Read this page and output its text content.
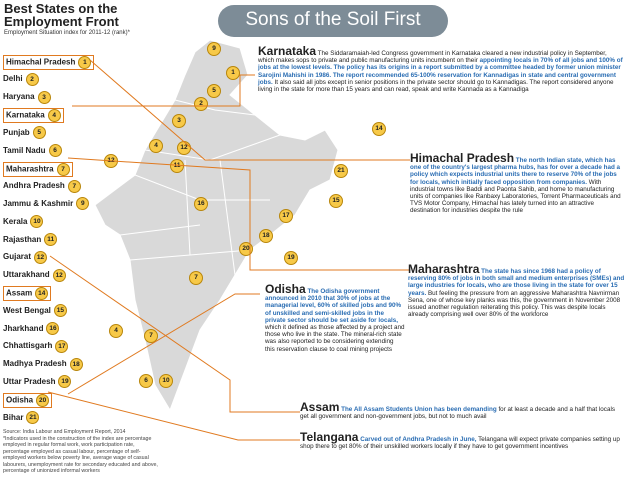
Sons of the Soil First
Best States on the Employment Front
Employment Situation index for 2011-12 (rank)*
Himachal Pradesh 1
Delhi 2
Haryana 3
Karnataka 4
Punjab 5
Tamil Nadu 6
Maharashtra 7
Andhra Pradesh 7
Jammu & Kashmir 9
Kerala 10
Rajasthan 11
Gujarat 12
Uttarakhand 12
Assam 14
West Bengal 15
Jharkhand 16
Chhattisgarh 17
Madhya Pradesh 18
Uttar Pradesh 19
Odisha 20
Bihar 21
Source: India Labour and Employment Report, 2014
*Indicators used in the construction of the index are percentage employed in regular formal work, work participation rate, percentage employed as casual labour, percentage of self-employed workers below poverty line, average wage of casual labourers, unemployment rate for secondary educated and above, percentage of unionized informal workers
9
1
5
3
2
12
4
14
11
21
12
16	15
17
18
19
20
7
7
4
10
6
Karnataka The Siddaramaiah-led Congress government in Karnataka cleared a new industrial policy in September, which makes sops to private and public manufacturing units incumbent on their appointing locals in 70% of all jobs and 100% of jobs at the lowest levels. The policy has its origins in a report submitted by a committee headed by former union minister Sarojini Mahishi in 1986. The report recommended 65-100% reservation for Kannadigas in state and central government jobs. It also said all jobs except in senior positions in the private sector should go to Kannadigas. The report considered anyone living in the state for more than 15 years and can read, speak and write Kannada as a Kannadiga
Himachal Pradesh The north Indian state, which has one of the country's largest pharma hubs, has for over a decade had a policy which expects industrial units there to reserve 70% of the jobs for locals, which initially faced opposition from companies. With industrial towns like Baddi and Paonta Sahib, and home to manufacturing units of companies like Ranbaxy Laboratories, Torrent Pharmaceuticals and TVS Motor Company, Himachal has lately turned into an attractive destination for industries despite the rule
Maharashtra The state has since 1968 had a policy of reserving 80% of jobs in both small and medium enterprises (SMEs) and large industries for locals, who are those living in the state for over 15 years. But feeling the pressure from an aggressive Maharashtra Navnirman Sena, one of whose key planks was this, the government in November 2008 issued another regulation reiterating this policy. This was despite locals already comprising well over 80% of the workforce
Odisha The Odisha government announced in 2010 that 30% of jobs at the managerial level, 60% of skilled jobs and 90% of unskilled and semi-skilled jobs in the private sector should be set aside for locals, which it defined as those affected by a project and those who live in the state. The mineral-rich state was also reported to be considering extending this reservation clause to coal mining projects
Assam The All Assam Students Union has been demanding for at least a decade and a half that locals get all government and non-government jobs, but not to much avail
Telangana Carved out of Andhra Pradesh in June, Telangana will expect private companies setting up shop there to get 80% of their unskilled workers locally if they have to get government incentives
